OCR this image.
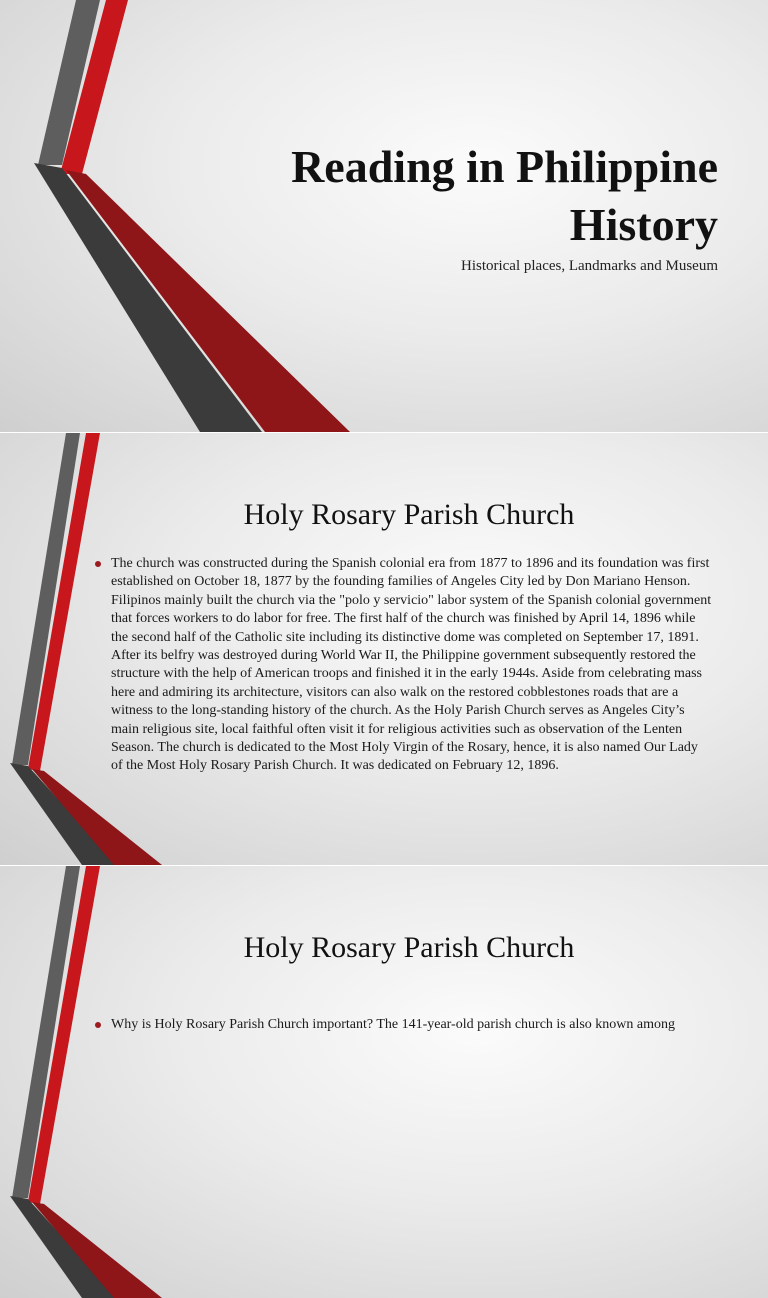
Reading in Philippine History
Historical places, Landmarks and Museum
Holy Rosary Parish Church
The church was constructed during the Spanish colonial era from 1877 to 1896 and its foundation was first established on October 18, 1877 by the founding families of Angeles City led by Don Mariano Henson. Filipinos mainly built the church via the "polo y servicio" labor system of the Spanish colonial government that forces workers to do labor for free. The first half of the church was finished by April 14, 1896 while the second half of the Catholic site including its distinctive dome was completed on September 17, 1891. After its belfry was destroyed during World War II, the Philippine government subsequently restored the structure with the help of American troops and finished it in the early 1944s. Aside from celebrating mass here and admiring its architecture, visitors can also walk on the restored cobblestones roads that are a witness to the long-standing history of the church. As the Holy Parish Church serves as Angeles City’s main religious site, local faithful often visit it for religious activities such as observation of the Lenten Season. The church is dedicated to the Most Holy Virgin of the Rosary, hence, it is also named Our Lady of the Most Holy Rosary Parish Church. It was dedicated on February 12, 1896.
Holy Rosary Parish Church
Why is Holy Rosary Parish Church important? The 141-year-old parish church is also known among
